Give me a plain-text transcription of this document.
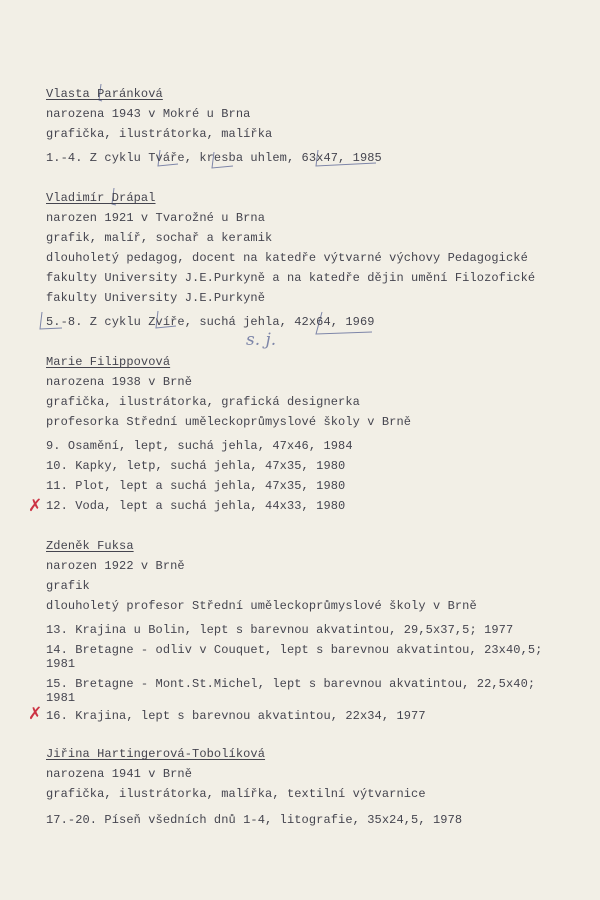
Vlasta Paránková
narozena 1943 v Mokré u Brna
grafička, ilustrátorka, malířka
1.-4. Z cyklu Tváře, kresba uhlem, 63x47, 1985
Vladimír Drápal
narozen 1921 v Tvarožné u Brna
grafik, malíř, sochař a keramik
dlouholetý pedagog, docent na katedře výtvarné výchovy Pedagogické
fakulty University J.E.Purkyně a na katedře dějin umění Filozofické
fakulty University J.E.Purkyně
5.-8. Z cyklu Zvíře, suchá jehla, 42x64, 1969
s. j.
Marie Filippovová
narozena 1938 v Brně
grafička, ilustrátorka, grafická designerka
profesorka Střední uměleckoprůmyslové školy v Brně
9. Osamění, lept, suchá jehla, 47x46, 1984
10. Kapky, letp, suchá jehla, 47x35, 1980
11. Plot, lept a suchá jehla, 47x35, 1980
✗ 12. Voda, lept a suchá jehla, 44x33, 1980
Zdeněk Fuksa
narozen 1922 v Brně
grafik
dlouholetý profesor Střední uměleckoprůmyslové školy v Brně
13. Krajina u Bolin, lept s barevnou akvatintou, 29,5x37,5; 1977
14. Bretagne - odliv v Couquet, lept s barevnou akvatintou, 23x40,5;
1981
15. Bretagne - Mont.St.Michel, lept s barevnou akvatintou, 22,5x40;
1981
✗ 16. Krajina, lept s barevnou akvatintou, 22x34, 1977
Jiřina Hartingerová-Tobolíková
narozena 1941 v Brně
grafička, ilustrátorka, malířka, textilní výtvarnice
17.-20. Píseň všedních dnů 1-4, litografie, 35x24,5, 1978
